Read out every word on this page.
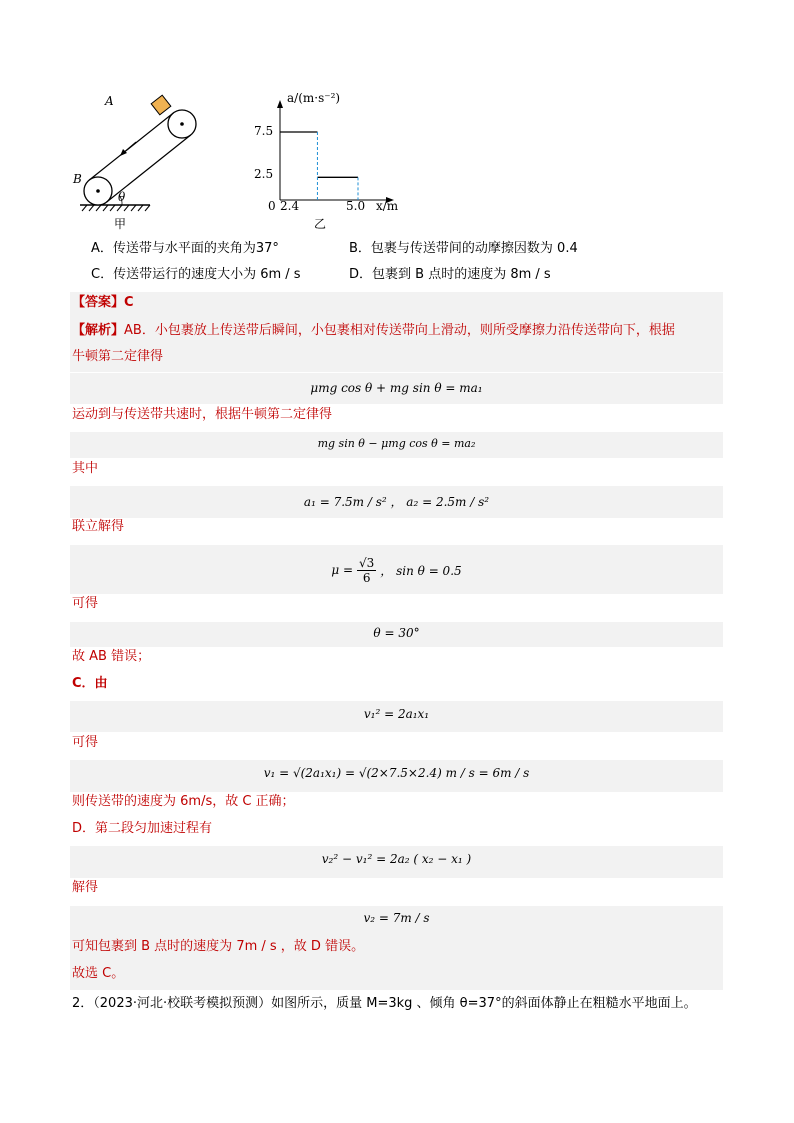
A
B
θ
甲
a/(m·s⁻²)
x/m
7.5
2.5
0 2.4	5.0
乙
A．传送带与水平面的夹角为37°	B．包裹与传送带间的动摩擦因数为 0.4
C．传送带运行的速度大小为 6m / s	D．包裹到 B 点时的速度为 8m / s
【答案】C
【解析】AB．小包裹放上传送带后瞬间，小包裹相对传送带向上滑动，则所受摩擦力沿传送带向下，根据
牛顿第二定律得
μmg cos θ + mg sin θ = ma₁
运动到与传送带共速时，根据牛顿第二定律得
mg sin θ − μmg cos θ = ma₂
其中
a₁ = 7.5m / s² ， a₂ = 2.5m / s²
联立解得
$\mu = \frac{√3}{6}$ ， sin θ = 0.5
可得
θ = 30°
故 AB 错误；
C．由
v₁² = 2a₁x₁
可得
v₁ = √(2a₁x₁) = √(2×7.5×2.4) m / s = 6m / s
则传送带的速度为 6m/s，故 C 正确；
D．第二段匀加速过程有
v₂² − v₁² = 2a₂ ( x₂ − x₁ )
解得
v₂ = 7m / s
可知包裹到 B 点时的速度为 7m / s ，故 D 错误。
故选 C。
2．（2023·河北·校联考模拟预测）如图所示，质量 M=3kg 、倾角 θ=37°的斜面体静止在粗糙水平地面上。
